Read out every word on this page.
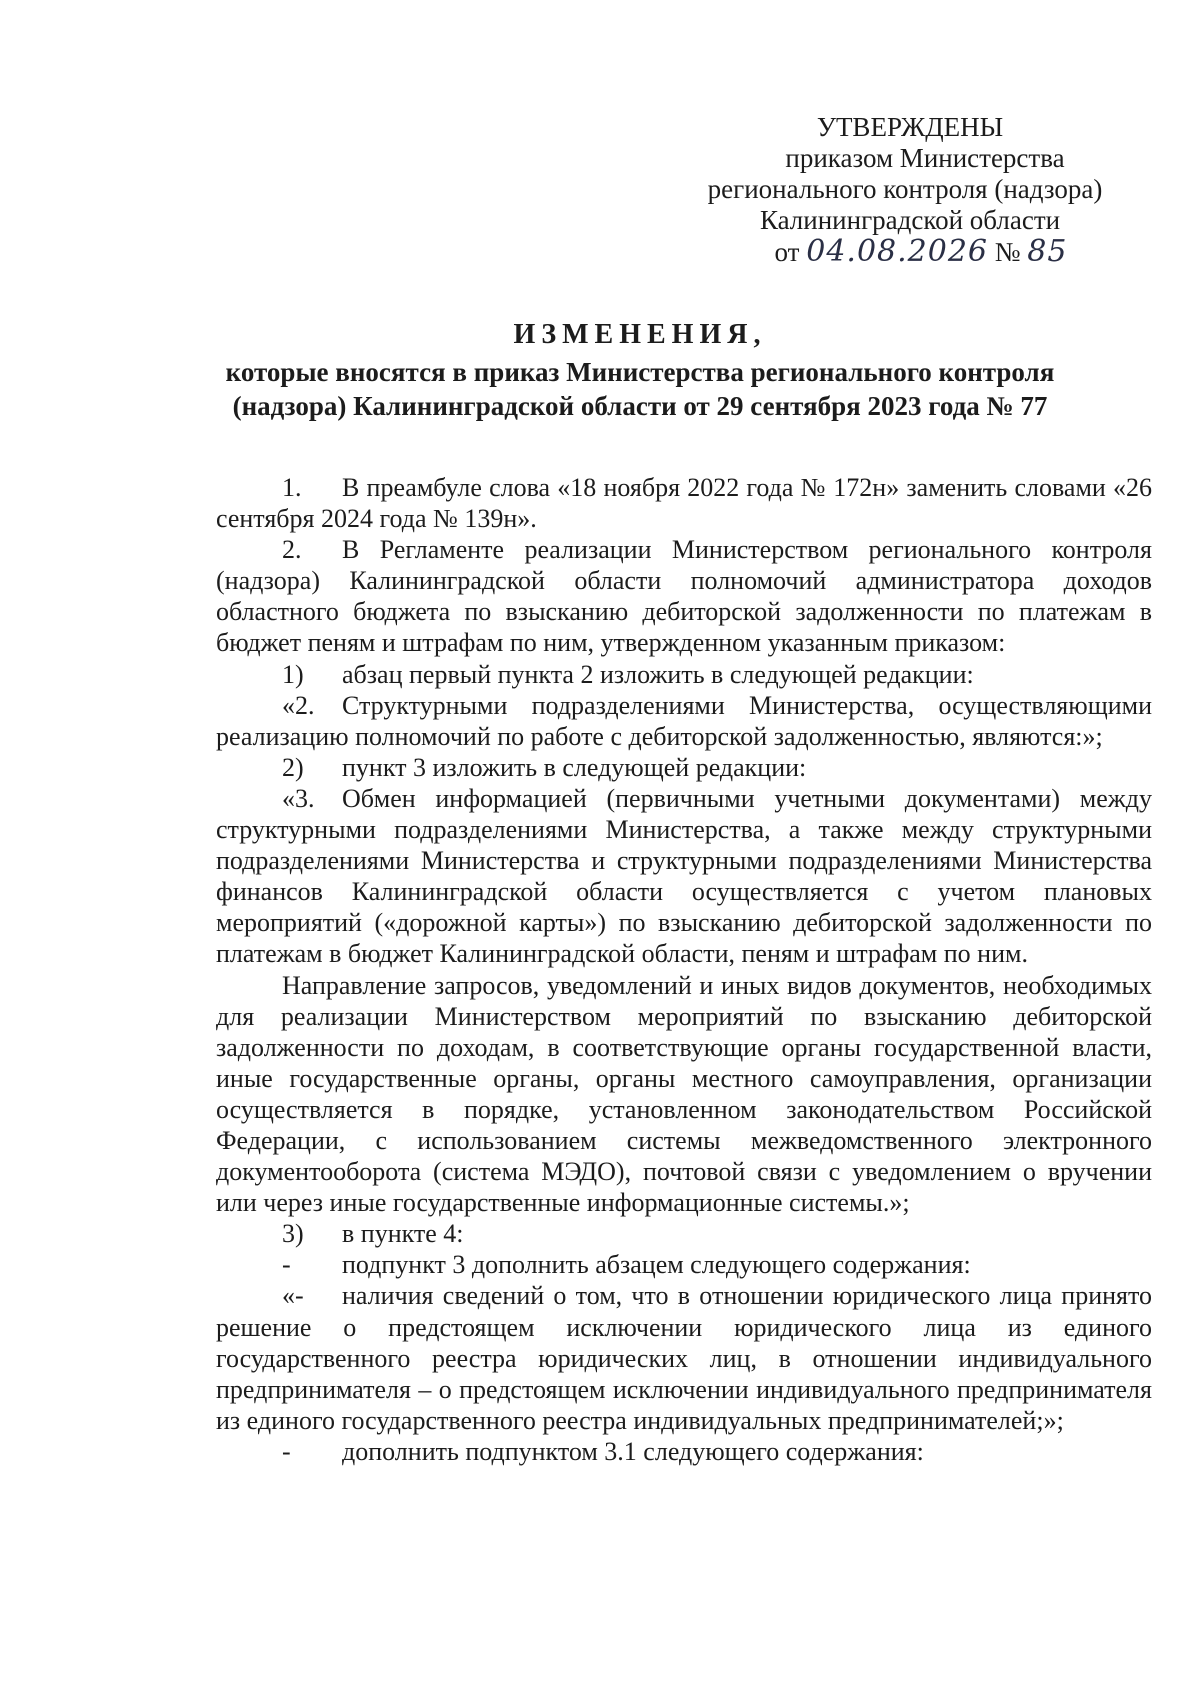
УТВЕРЖДЕНЫ
приказом Министерства
регионального контроля (надзора)
Калининградской области
от 04.08.2026 № 85
ИЗМЕНЕНИЯ,
которые вносятся в приказ Министерства регионального контроля
(надзора) Калининградской области от 29 сентября 2023 года № 77

1. В преамбуле слова «18 ноября 2022 года № 172н» заменить словами «26 сентября 2024 года № 139н».

2. В Регламенте реализации Министерством регионального контроля (надзора) Калининградской области полномочий администратора доходов областного бюджета по взысканию дебиторской задолженности по платежам в бюджет пеням и штрафам по ним, утвержденном указанным приказом:

1) абзац первый пункта 2 изложить в следующей редакции:

«2. Структурными подразделениями Министерства, осуществляющими реализацию полномочий по работе с дебиторской задолженностью, являются:»;

2) пункт 3 изложить в следующей редакции:

«3. Обмен информацией (первичными учетными документами) между структурными подразделениями Министерства, а также между структурными подразделениями Министерства и структурными подразделениями Министерства финансов Калининградской области осуществляется с учетом плановых мероприятий («дорожной карты») по взысканию дебиторской задолженности по платежам в бюджет Калининградской области, пеням и штрафам по ним.

Направление запросов, уведомлений и иных видов документов, необходимых для реализации Министерством мероприятий по взысканию дебиторской задолженности по доходам, в соответствующие органы государственной власти, иные государственные органы, органы местного самоуправления, организации осуществляется в порядке, установленном законодательством Российской Федерации, с использованием системы межведомственного электронного документооборота (система МЭДО), почтовой связи с уведомлением о вручении или через иные государственные информационные системы.»;

3) в пункте 4:
- подпункт 3 дополнить абзацем следующего содержания:

«- наличия сведений о том, что в отношении юридического лица принято решение о предстоящем исключении юридического лица из единого государственного реестра юридических лиц, в отношении индивидуального предпринимателя – о предстоящем исключении индивидуального предпринимателя из единого государственного реестра индивидуальных предпринимателей;»;

- дополнить подпунктом 3.1 следующего содержания:
